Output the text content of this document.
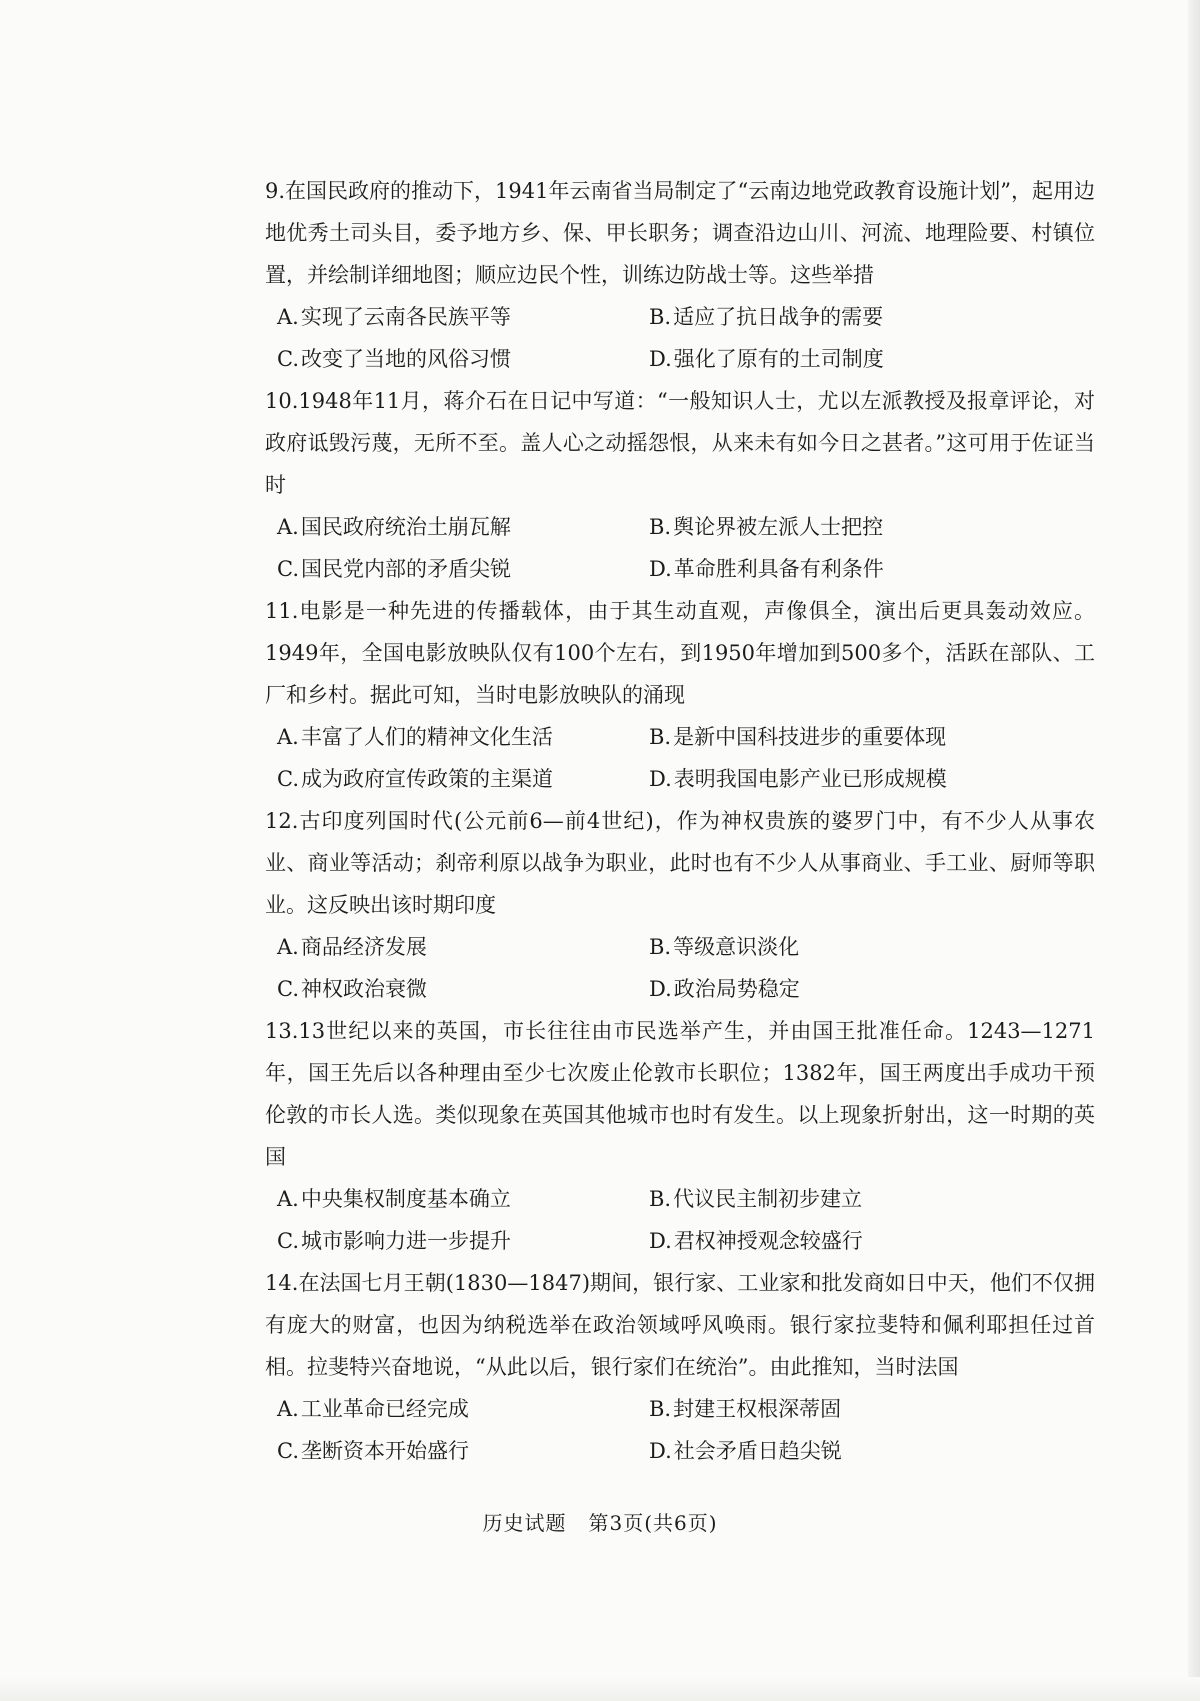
9.在国民政府的推动下，1941年云南省当局制定了“云南边地党政教育设施计划”，起用边地优秀土司头目，委予地方乡、保、甲长职务；调查沿边山川、河流、地理险要、村镇位置，并绘制详细地图；顺应边民个性，训练边防战士等。这些举措

A.实现了云南各民族平等	B.适应了抗日战争的需要
C.改变了当地的风俗习惯	D.强化了原有的土司制度

10.1948年11月，蒋介石在日记中写道：“一般知识人士，尤以左派教授及报章评论，对政府诋毁污蔑，无所不至。盖人心之动摇怨恨，从来未有如今日之甚者。”这可用于佐证当时

A.国民政府统治土崩瓦解	B.舆论界被左派人士把控
C.国民党内部的矛盾尖锐	D.革命胜利具备有利条件

11.电影是一种先进的传播载体，由于其生动直观，声像俱全，演出后更具轰动效应。1949年，全国电影放映队仅有100个左右，到1950年增加到500多个，活跃在部队、工厂和乡村。据此可知，当时电影放映队的涌现

A.丰富了人们的精神文化生活	B.是新中国科技进步的重要体现
C.成为政府宣传政策的主渠道	D.表明我国电影产业已形成规模

12.古印度列国时代(公元前6—前4世纪)，作为神权贵族的婆罗门中，有不少人从事农业、商业等活动；刹帝利原以战争为职业，此时也有不少人从事商业、手工业、厨师等职业。这反映出该时期印度

A.商品经济发展	B.等级意识淡化
C.神权政治衰微	D.政治局势稳定

13.13世纪以来的英国，市长往往由市民选举产生，并由国王批准任命。1243—1271年，国王先后以各种理由至少七次废止伦敦市长职位；1382年，国王两度出手成功干预伦敦的市长人选。类似现象在英国其他城市也时有发生。以上现象折射出，这一时期的英国

A.中央集权制度基本确立	B.代议民主制初步建立
C.城市影响力进一步提升	D.君权神授观念较盛行

14.在法国七月王朝(1830—1847)期间，银行家、工业家和批发商如日中天，他们不仅拥有庞大的财富，也因为纳税选举在政治领域呼风唤雨。银行家拉斐特和佩利耶担任过首相。拉斐特兴奋地说，“从此以后，银行家们在统治”。由此推知，当时法国

A.工业革命已经完成	B.封建王权根深蒂固
C.垄断资本开始盛行	D.社会矛盾日趋尖锐
历史试题 第3页(共6页)
